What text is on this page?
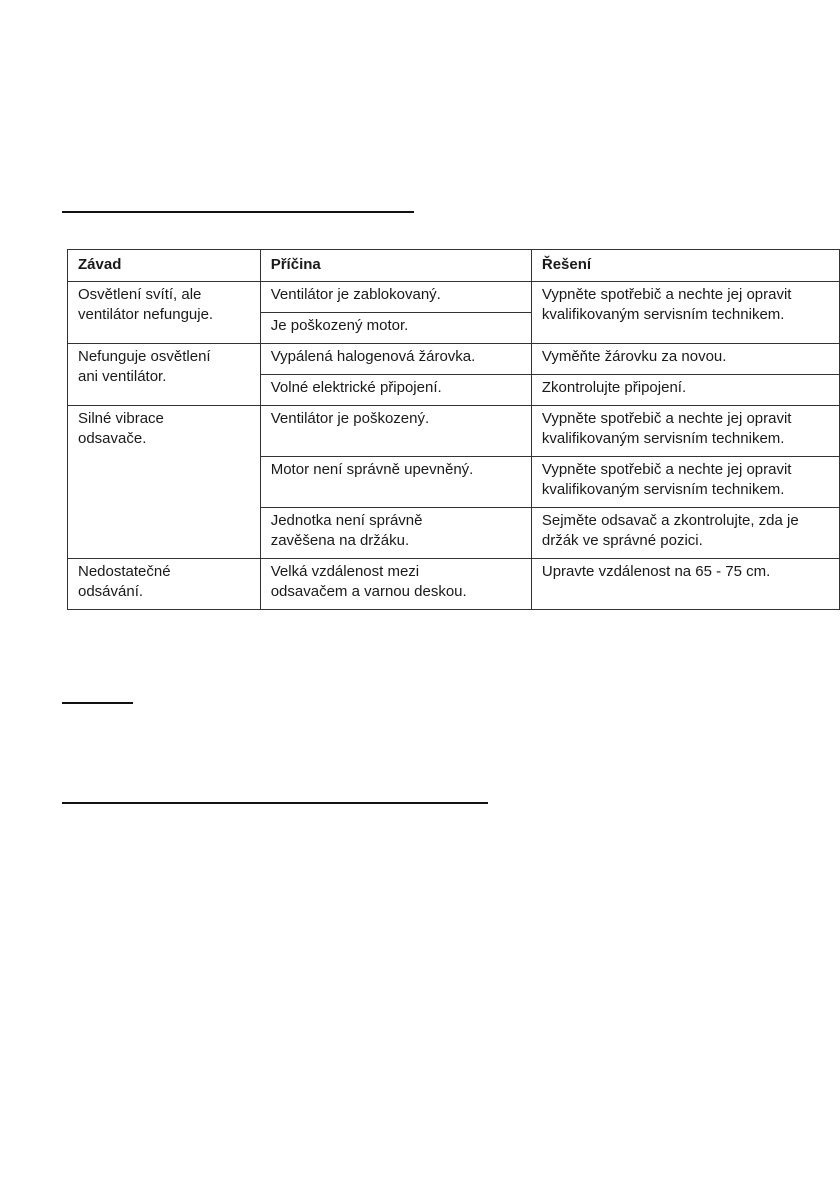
Závad	Příčina	Řešení
Osvětlení svítí, ale
ventilátor nefunguje.	Ventilátor je zablokovaný.	Vypněte spotřebič a nechte jej opravit
kvalifikovaným servisním technikem.
	Je poškozený motor.	
Nefunguje osvětlení
ani ventilátor.	Vypálená halogenová žárovka.	Vyměňte žárovku za novou.
	Volné elektrické připojení.	Zkontrolujte připojení.
Silné vibrace
odsavače.	Ventilátor je poškozený.	Vypněte spotřebič a nechte jej opravit
kvalifikovaným servisním technikem.
	Motor není správně upevněný.	Vypněte spotřebič a nechte jej opravit
kvalifikovaným servisním technikem.
	Jednotka není správně
zavěšena na držáku.	Sejměte odsavač a zkontrolujte, zda je
držák ve správné pozici.
Nedostatečné
odsávání.	Velká vzdálenost mezi
odsavačem a varnou deskou.	Upravte vzdálenost na 65 - 75 cm.
